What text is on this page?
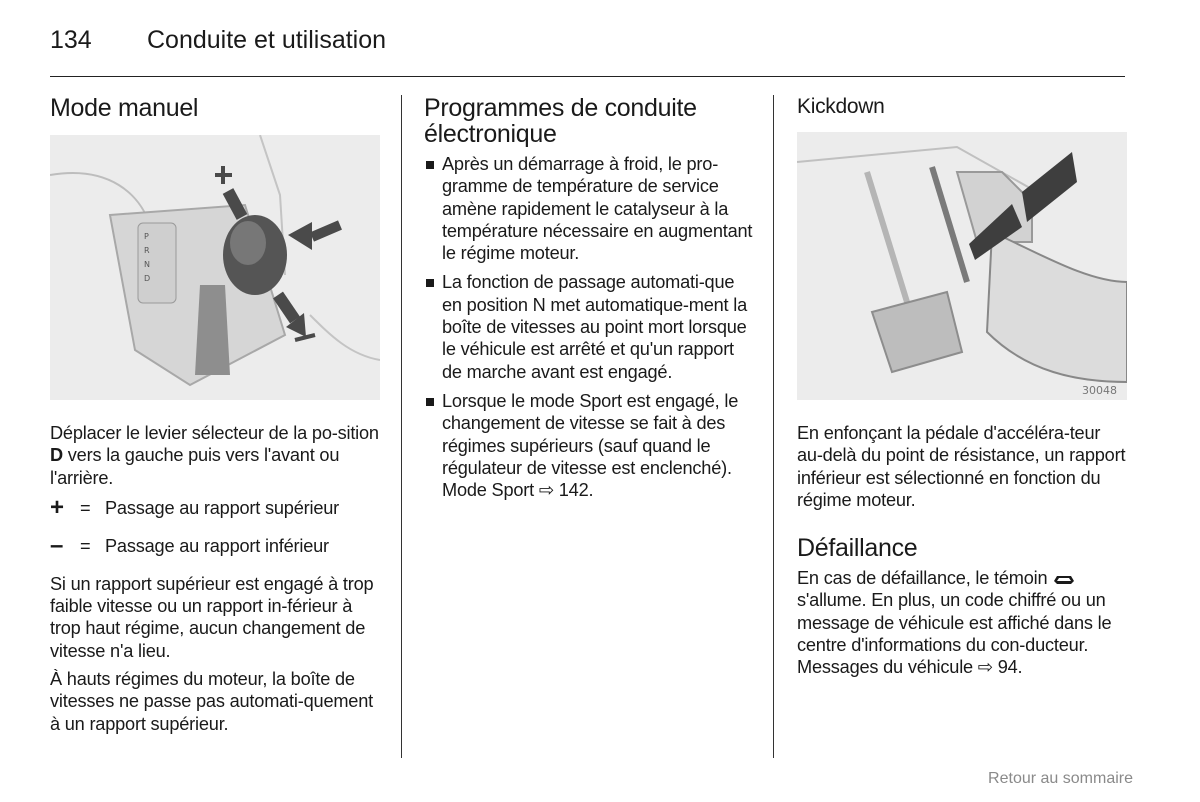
134 Conduite et utilisation
Mode manuel
P
R
N
D

Déplacer le levier sélecteur de la po-sition D vers la gauche puis vers l'avant ou l'arrière.

+ = Passage au rapport supérieur
– = Passage au rapport inférieur

Si un rapport supérieur est engagé à trop faible vitesse ou un rapport in-férieur à trop haut régime, aucun changement de vitesse n'a lieu.

À hauts régimes du moteur, la boîte de vitesses ne passe pas automati-quement à un rapport supérieur.

Programmes de conduite électronique
Après un démarrage à froid, le pro-gramme de température de service amène rapidement le catalyseur à la température nécessaire en augmentant le régime moteur.
La fonction de passage automati-que en position N met automatique-ment la boîte de vitesses au point mort lorsque le véhicule est arrêté et qu'un rapport de marche avant est engagé.
Lorsque le mode Sport est engagé, le changement de vitesse se fait à des régimes supérieurs (sauf quand le régulateur de vitesse est enclenché). Mode Sport ⇨ 142.
Kickdown
30048

En enfonçant la pédale d'accéléra-teur au-delà du point de résistance, un rapport inférieur est sélectionné en fonction du régime moteur.

Défaillance

En cas de défaillance, le témoin  s'allume. En plus, un code chiffré ou un message de véhicule est affiché dans le centre d'informations du con-ducteur. Messages du véhicule ⇨ 94.

Retour au sommaire
